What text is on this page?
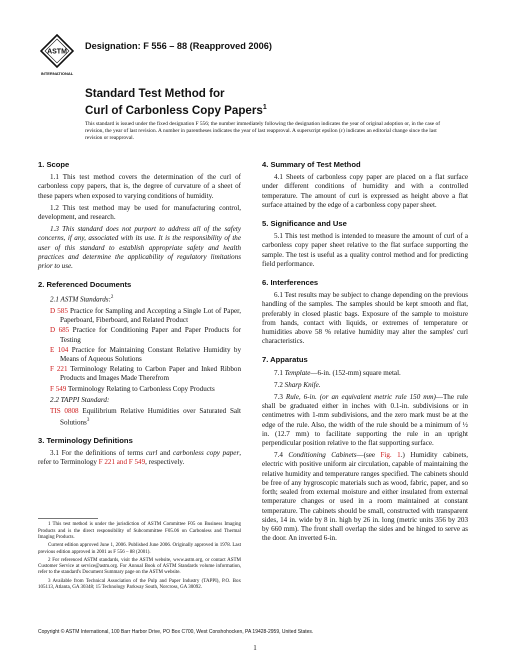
ASTM
INTERNATIONAL
Designation: F 556 – 88 (Reapproved 2006)
Standard Test Method for
Curl of Carbonless Copy Papers$^1$
This standard is issued under the fixed designation F 556; the number immediately following the designation indicates the year of original adoption or, in the case of revision, the year of last revision. A number in parentheses indicates the year of last reapproval. A superscript epsilon (ε) indicates an editorial change since the last revision or reapproval.
1. Scope
1.1 This test method covers the determination of the curl of carbonless copy papers, that is, the degree of curvature of a sheet of these papers when exposed to varying conditions of humidity.
1.2 This test method may be used for manufacturing control, development, and research.
1.3 This standard does not purport to address all of the safety concerns, if any, associated with its use. It is the responsibility of the user of this standard to establish appropriate safety and health practices and determine the applicability of regulatory limitations prior to use.
2. Referenced Documents
2.1 ASTM Standards:$^2$
D 585 Practice for Sampling and Accepting a Single Lot of Paper, Paperboard, Fiberboard, and Related Product
D 685 Practice for Conditioning Paper and Paper Products for Testing
E 104 Practice for Maintaining Constant Relative Humidity by Means of Aqueous Solutions
F 221 Terminology Relating to Carbon Paper and Inked Ribbon Products and Images Made Therefrom
F 549 Terminology Relating to Carbonless Copy Products
2.2 TAPPI Standard:
TIS 0808 Equilibrium Relative Humidities over Saturated Salt Solutions$^3$
3. Terminology Definitions
3.1 For the definitions of terms curl and carbonless copy paper, refer to Terminology F 221 and F 549, respectively.
1 This test method is under the jurisdiction of ASTM Committee F05 on Business Imaging Products and is the direct responsibility of Subcommittee F05.06 on Carbonless and Thermal Imaging Products.
Current edition approved June 1, 2006. Published June 2006. Originally approved in 1978. Last previous edition approved in 2001 as F 556 – 88 (2001).
2 For referenced ASTM standards, visit the ASTM website, www.astm.org, or contact ASTM Customer Service at service@astm.org. For Annual Book of ASTM Standards volume information, refer to the standard's Document Summary page on the ASTM website.
3 Available from Technical Association of the Pulp and Paper Industry (TAPPI), P.O. Box 105113, Atlanta, GA 30348; 15 Technology Parkway South, Norcross, GA 30092.
4. Summary of Test Method
4.1 Sheets of carbonless copy paper are placed on a flat surface under different conditions of humidity and with a controlled temperature. The amount of curl is expressed as height above a flat surface attained by the edge of a carbonless copy paper sheet.
5. Significance and Use
5.1 This test method is intended to measure the amount of curl of a carbonless copy paper sheet relative to the flat surface supporting the sample. The test is useful as a quality control method and for predicting field performance.
6. Interferences
6.1 Test results may be subject to change depending on the previous handling of the samples. The samples should be kept smooth and flat, preferably in closed plastic bags. Exposure of the sample to moisture from hands, contact with liquids, or extremes of temperature or humidities above 58 % relative humidity may alter the samples' curl characteristics.
7. Apparatus
7.1 Template—6-in. (152-mm) square metal.
7.2 Sharp Knife.
7.3 Rule, 6-in. (or an equivalent metric rule 150 mm)—The rule shall be graduated either in inches with 0.1-in. subdivisions or in centimetres with 1-mm subdivisions, and the zero mark must be at the edge of the rule. Also, the width of the rule should be a minimum of ½ in. (12.7 mm) to facilitate supporting the rule in an upright perpendicular position relative to the flat supporting surface.
7.4 Conditioning Cabinets—(see Fig. 1.) Humidity cabinets, electric with positive uniform air circulation, capable of maintaining the relative humidity and temperature ranges specified. The cabinets should be free of any hygroscopic materials such as wood, fabric, paper, and so forth; sealed from external moisture and either insulated from external temperature changes or used in a room maintained at constant temperature. The cabinets should be small, constructed with transparent sides, 14 in. wide by 8 in. high by 26 in. long (metric units 356 by 203 by 660 mm). The front shall overlap the sides and be hinged to serve as the door. An inverted 6-in.
Copyright © ASTM International, 100 Barr Harbor Drive, PO Box C700, West Conshohocken, PA 19428-2959, United States.
1
